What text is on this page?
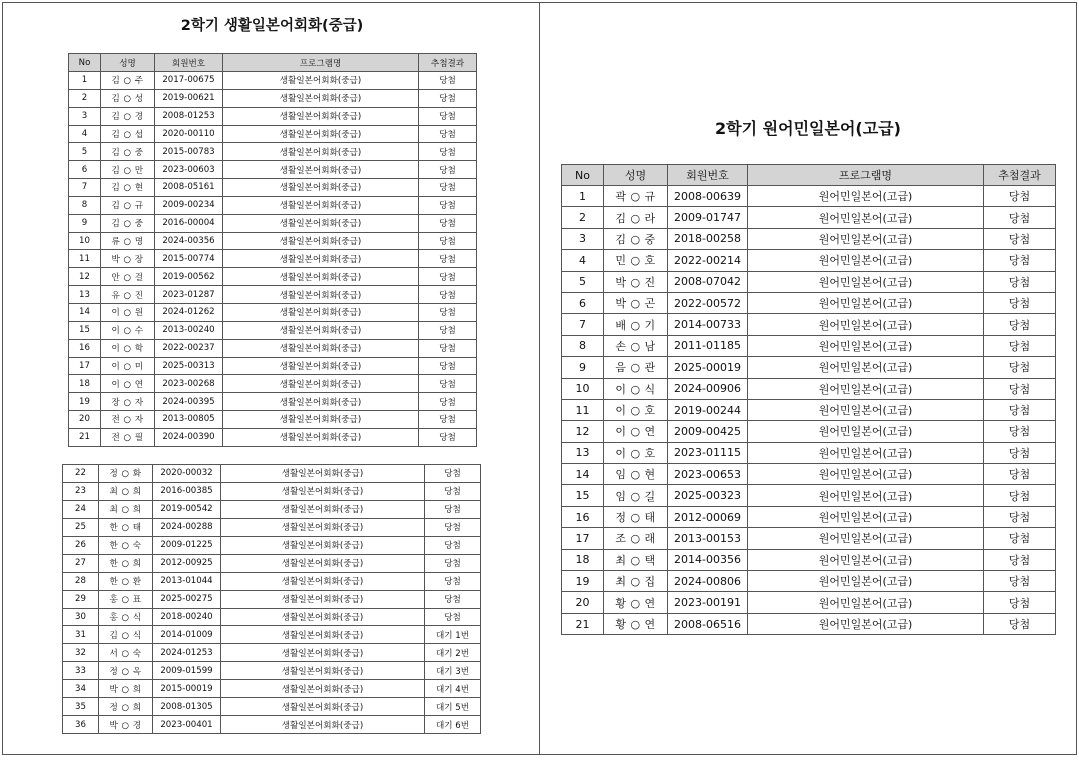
2학기 생활일본어회화(중급)
No	성명	회원번호	프로그램명	추첨결과
1	김 ○ 주	2017-00675	생활일본어회화(중급)	당첨
2	김 ○ 성	2019-00621	생활일본어회화(중급)	당첨
3	김 ○ 경	2008-01253	생활일본어회화(중급)	당첨
4	김 ○ 섭	2020-00110	생활일본어회화(중급)	당첨
5	김 ○ 중	2015-00783	생활일본어회화(중급)	당첨
6	김 ○ 만	2023-00603	생활일본어회화(중급)	당첨
7	김 ○ 현	2008-05161	생활일본어회화(중급)	당첨
8	김 ○ 규	2009-00234	생활일본어회화(중급)	당첨
9	김 ○ 중	2016-00004	생활일본어회화(중급)	당첨
10	류 ○ 명	2024-00356	생활일본어회화(중급)	당첨
11	박 ○ 장	2015-00774	생활일본어회화(중급)	당첨
12	안 ○ 걸	2019-00562	생활일본어회화(중급)	당첨
13	유 ○ 진	2023-01287	생활일본어회화(중급)	당첨
14	이 ○ 원	2024-01262	생활일본어회화(중급)	당첨
15	이 ○ 수	2013-00240	생활일본어회화(중급)	당첨
16	이 ○ 학	2022-00237	생활일본어회화(중급)	당첨
17	이 ○ 미	2025-00313	생활일본어회화(중급)	당첨
18	이 ○ 연	2023-00268	생활일본어회화(중급)	당첨
19	장 ○ 자	2024-00395	생활일본어회화(중급)	당첨
20	전 ○ 자	2013-00805	생활일본어회화(중급)	당첨
21	전 ○ 필	2024-00390	생활일본어회화(중급)	당첨
22	정 ○ 화	2020-00032	생활일본어회화(중급)	당첨
23	최 ○ 희	2016-00385	생활일본어회화(중급)	당첨
24	최 ○ 희	2019-00542	생활일본어회화(중급)	당첨
25	한 ○ 태	2024-00288	생활일본어회화(중급)	당첨
26	한 ○ 숙	2009-01225	생활일본어회화(중급)	당첨
27	한 ○ 희	2012-00925	생활일본어회화(중급)	당첨
28	한 ○ 환	2013-01044	생활일본어회화(중급)	당첨
29	홍 ○ 표	2025-00275	생활일본어회화(중급)	당첨
30	홍 ○ 식	2018-00240	생활일본어회화(중급)	당첨
31	김 ○ 식	2014-01009	생활일본어회화(중급)	대기 1번
32	서 ○ 숙	2024-01253	생활일본어회화(중급)	대기 2번
33	정 ○ 옥	2009-01599	생활일본어회화(중급)	대기 3번
34	박 ○ 희	2015-00019	생활일본어회화(중급)	대기 4번
35	정 ○ 희	2008-01305	생활일본어회화(중급)	대기 5번
36	박 ○ 경	2023-00401	생활일본어회화(중급)	대기 6번
2학기 원어민일본어(고급)
No	성명	회원번호	프로그램명	추첨결과
1	곽 ○ 규	2008-00639	원어민일본어(고급)	당첨
2	김 ○ 라	2009-01747	원어민일본어(고급)	당첨
3	김 ○ 중	2018-00258	원어민일본어(고급)	당첨
4	민 ○ 호	2022-00214	원어민일본어(고급)	당첨
5	박 ○ 진	2008-07042	원어민일본어(고급)	당첨
6	박 ○ 곤	2022-00572	원어민일본어(고급)	당첨
7	배 ○ 기	2014-00733	원어민일본어(고급)	당첨
8	손 ○ 남	2011-01185	원어민일본어(고급)	당첨
9	음 ○ 관	2025-00019	원어민일본어(고급)	당첨
10	이 ○ 식	2024-00906	원어민일본어(고급)	당첨
11	이 ○ 호	2019-00244	원어민일본어(고급)	당첨
12	이 ○ 연	2009-00425	원어민일본어(고급)	당첨
13	이 ○ 호	2023-01115	원어민일본어(고급)	당첨
14	임 ○ 현	2023-00653	원어민일본어(고급)	당첨
15	임 ○ 길	2025-00323	원어민일본어(고급)	당첨
16	정 ○ 태	2012-00069	원어민일본어(고급)	당첨
17	조 ○ 래	2013-00153	원어민일본어(고급)	당첨
18	최 ○ 택	2014-00356	원어민일본어(고급)	당첨
19	최 ○ 집	2024-00806	원어민일본어(고급)	당첨
20	황 ○ 연	2023-00191	원어민일본어(고급)	당첨
21	황 ○ 연	2008-06516	원어민일본어(고급)	당첨
